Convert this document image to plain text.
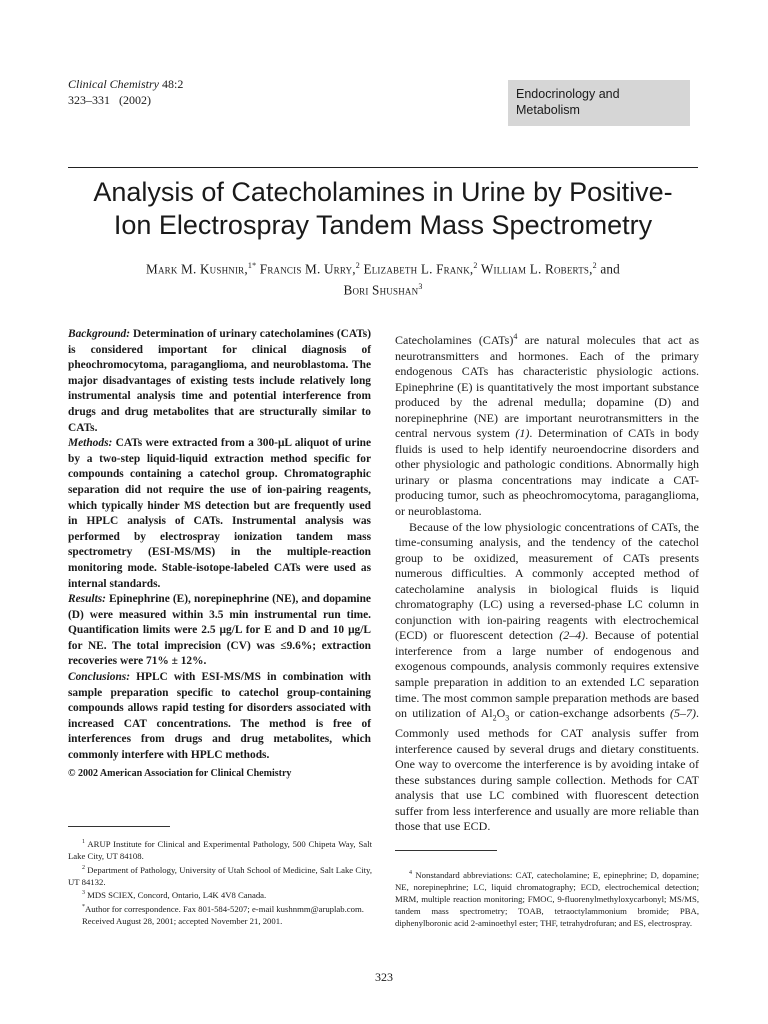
Clinical Chemistry 48:2
323–331   (2002)	Endocrinology and
Metabolism
Analysis of Catecholamines in Urine by Positive-
Ion Electrospray Tandem Mass Spectrometry
Mark M. Kushnir,$^{1*}$ Francis M. Urry,$^2$ Elizabeth L. Frank,$^2$ William L. Roberts,$^2$ and
Bori Shushan$^3$

Background: Determination of urinary catecholamines (CATs) is considered important for clinical diagnosis of pheochromocytoma, paraganglioma, and neuroblastoma. The major disadvantages of existing tests include relatively long instrumental analysis time and potential interference from drugs and drug metabolites that are structurally similar to CATs.

Methods: CATs were extracted from a 300-μL aliquot of urine by a two-step liquid-liquid extraction method specific for compounds containing a catechol group. Chromatographic separation did not require the use of ion-pairing reagents, which typically hinder MS detection but are frequently used in HPLC analysis of CATs. Instrumental analysis was performed by electrospray ionization tandem mass spectrometry (ESI-MS/MS) in the multiple-reaction monitoring mode. Stable-isotope-labeled CATs were used as internal standards.

Results: Epinephrine (E), norepinephrine (NE), and dopamine (D) were measured within 3.5 min instrumental run time. Quantification limits were 2.5 μg/L for E and D and 10 μg/L for NE. The total imprecision (CV) was ≤9.6%; extraction recoveries were 71% ± 12%.

Conclusions: HPLC with ESI-MS/MS in combination with sample preparation specific to catechol group-containing compounds allows rapid testing for disorders associated with increased CAT concentrations. The method is free of interferences from drugs and drug metabolites, which commonly interfere with HPLC methods.

© 2002 American Association for Clinical Chemistry

$^1$ ARUP Institute for Clinical and Experimental Pathology, 500 Chipeta Way, Salt Lake City, UT 84108.

$^2$ Department of Pathology, University of Utah School of Medicine, Salt Lake City, UT 84132.

$^3$ MDS SCIEX, Concord, Ontario, L4K 4V8 Canada.

*Author for correspondence. Fax 801-584-5207; e-mail kushnmm@aruplab.com.

Received August 28, 2001; accepted November 21, 2001.

Catecholamines (CATs)$^4$ are natural molecules that act as neurotransmitters and hormones. Each of the primary endogenous CATs has characteristic physiologic actions. Epinephrine (E) is quantitatively the most important substance produced by the adrenal medulla; dopamine (D) and norepinephrine (NE) are important neurotransmitters in the central nervous system (1). Determination of CATs in body fluids is used to help identify neuroendocrine disorders and other physiologic and pathologic conditions. Abnormally high urinary or plasma concentrations may indicate a CAT-producing tumor, such as pheochromocytoma, paraganglioma, or neuroblastoma.

Because of the low physiologic concentrations of CATs, the time-consuming analysis, and the tendency of the catechol group to be oxidized, measurement of CATs presents numerous difficulties. A commonly accepted method of catecholamine analysis in biological fluids is liquid chromatography (LC) using a reversed-phase LC column in conjunction with ion-pairing reagents with electrochemical (ECD) or fluorescent detection (2–4). Because of potential interference from a large number of endogenous and exogenous compounds, analysis commonly requires extensive sample preparation in addition to an extended LC separation time. The most common sample preparation methods are based on utilization of $Al_2O_3$ or cation-exchange adsorbents (5–7). Commonly used methods for CAT analysis suffer from interference caused by several drugs and dietary constituents. One way to overcome the interference is by avoiding intake of these substances during sample collection. Methods for CAT analysis that use LC combined with fluorescent detection suffer from less interference and usually are more reliable than those that use ECD.

$^4$ Nonstandard abbreviations: CAT, catecholamine; E, epinephrine; D, dopamine; NE, norepinephrine; LC, liquid chromatography; ECD, electrochemical detection; MRM, multiple reaction monitoring; FMOC, 9-fluorenylmethyloxycarbonyl; MS/MS, tandem mass spectrometry; TOAB, tetraoctylammonium bromide; PBA, diphenylboronic acid 2-aminoethyl ester; THF, tetrahydrofuran; and ES, electrospray.

323
